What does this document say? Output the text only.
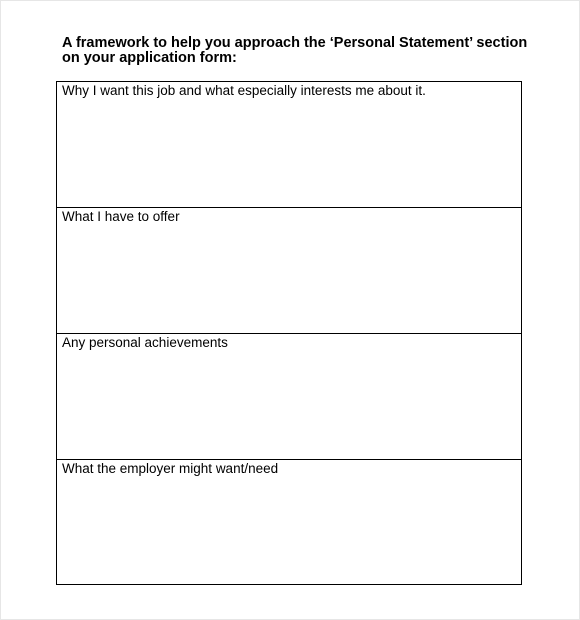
A framework to help you approach the ‘Personal Statement’ section
on your application form:
Why I want this job and what especially interests me about it.
What I have to offer
Any personal achievements
What the employer might want/need
